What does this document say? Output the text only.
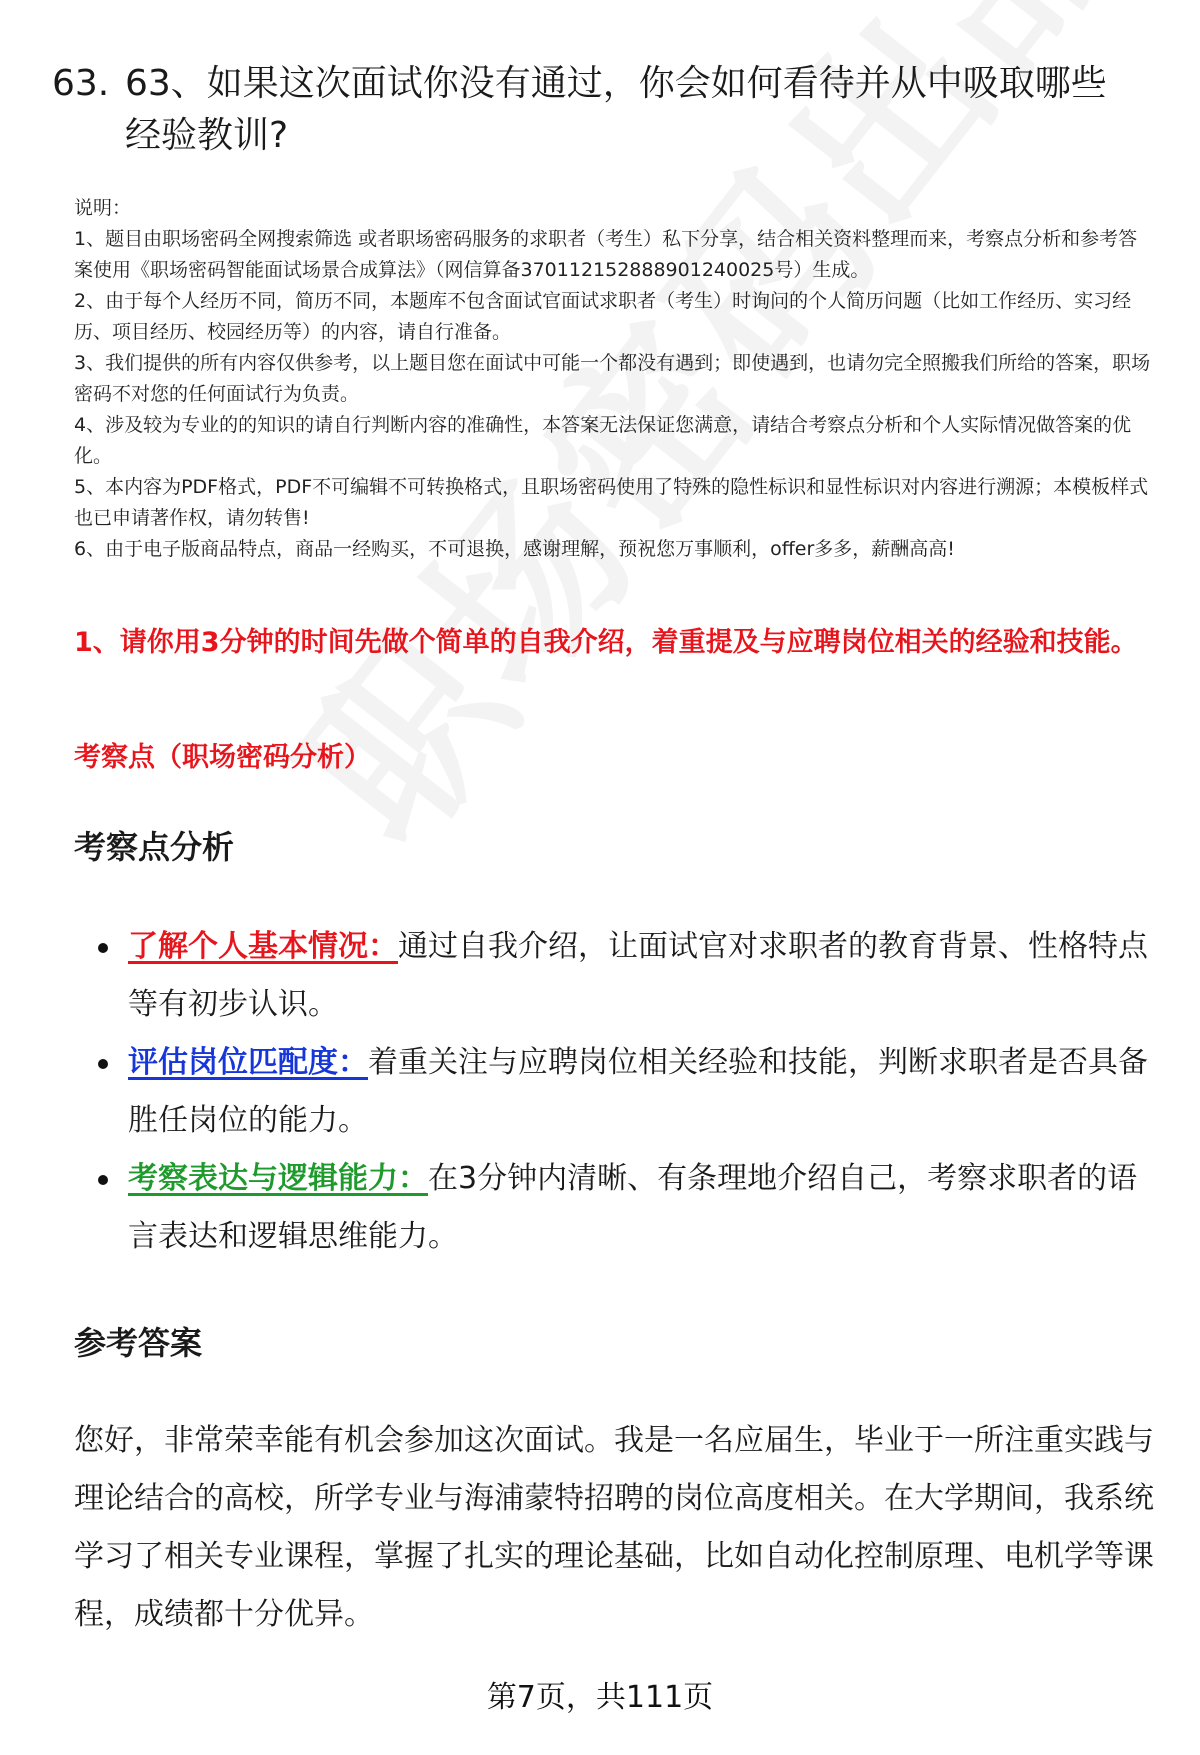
63. 63、如果这次面试你没有通过，你会如何看待并从中吸取哪些经验教训?

说明：

1、题目由职场密码全网搜索筛选 或者职场密码服务的求职者（考生）私下分享，结合相关资料整理而来，考察点分析和参考答案使用《职场密码智能面试场景合成算法》（网信算备370112152888901240025号）生成。

2、由于每个人经历不同，简历不同，本题库不包含面试官面试求职者（考生）时询问的个人简历问题（比如工作经历、实习经历、项目经历、校园经历等）的内容，请自行准备。

3、我们提供的所有内容仅供参考，以上题目您在面试中可能一个都没有遇到；即使遇到，也请勿完全照搬我们所给的答案，职场密码不对您的任何面试行为负责。

4、涉及较为专业的的知识的请自行判断内容的准确性，本答案无法保证您满意，请结合考察点分析和个人实际情况做答案的优化。

5、本内容为PDF格式，PDF不可编辑不可转换格式，且职场密码使用了特殊的隐性标识和显性标识对内容进行溯源；本模板样式也已申请著作权，请勿转售!

6、由于电子版商品特点，商品一经购买，不可退换，感谢理解，预祝您万事顺利，offer多多，薪酬高高!

1、请你用3分钟的时间先做个简单的自我介绍，着重提及与应聘岗位相关的经验和技能。

考察点（职场密码分析）
考察点分析
了解个人基本情况：通过自我介绍，让面试官对求职者的教育背景、性格特点等有初步认识。
评估岗位匹配度：着重关注与应聘岗位相关经验和技能，判断求职者是否具备胜任岗位的能力。
考察表达与逻辑能力：在3分钟内清晰、有条理地介绍自己，考察求职者的语言表达和逻辑思维能力。
参考答案

您好，非常荣幸能有机会参加这次面试。我是一名应届生，毕业于一所注重实践与理论结合的高校，所学专业与海浦蒙特招聘的岗位高度相关。在大学期间，我系统学习了相关专业课程，掌握了扎实的理论基础，比如自动化控制原理、电机学等课程，成绩都十分优异。

第7页，共111页
